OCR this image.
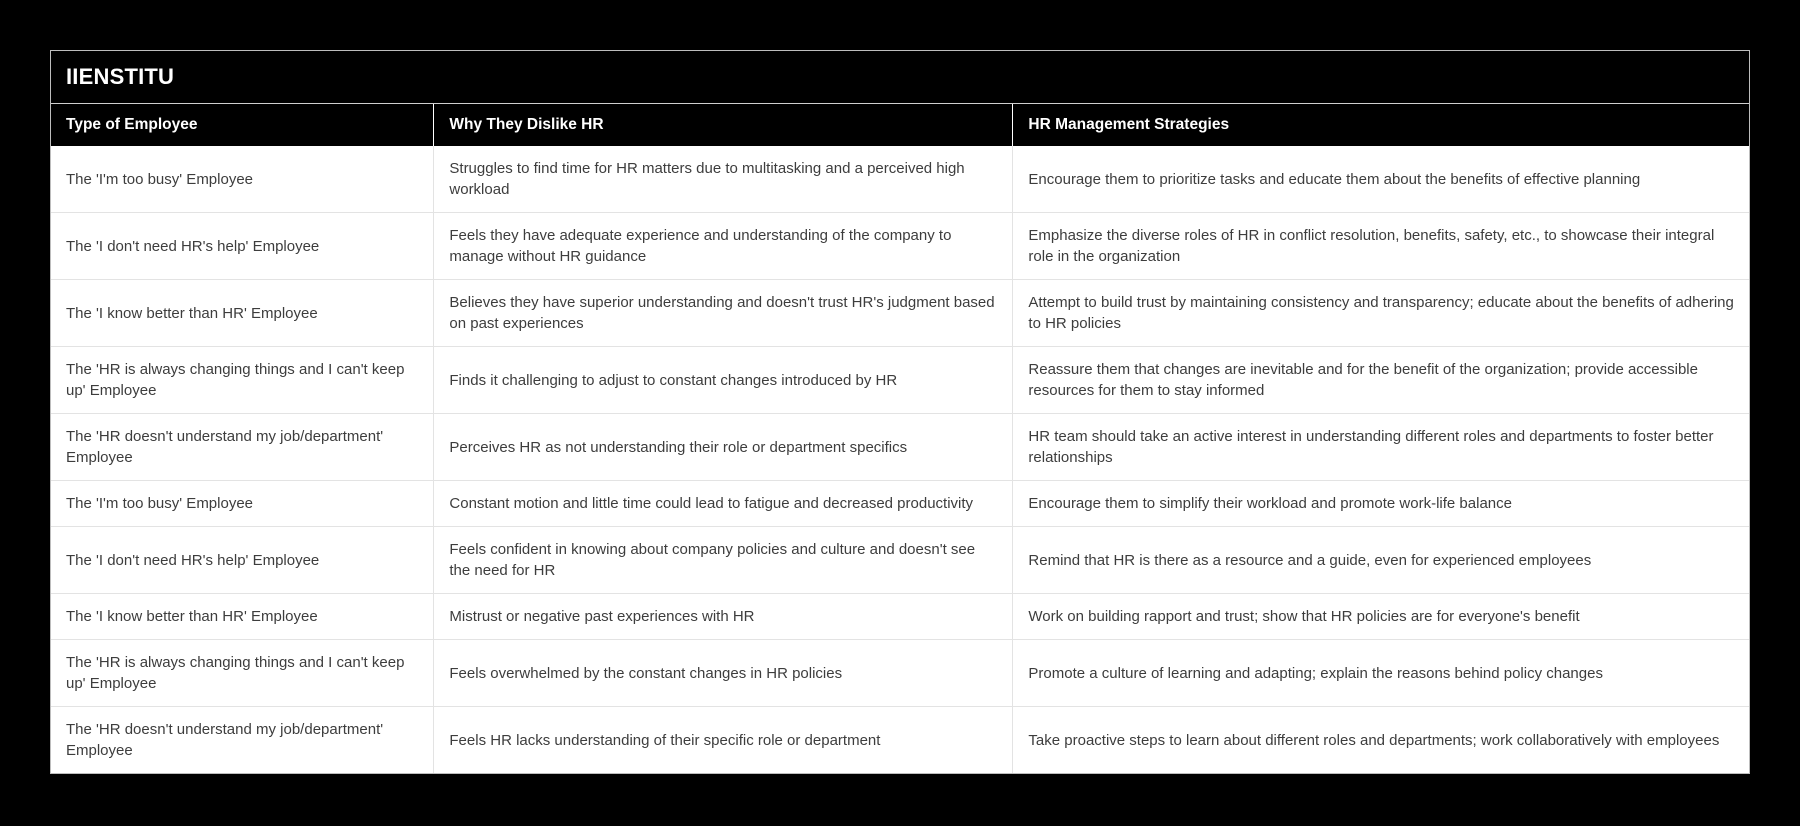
IIENSTITU
Type of Employee	Why They Dislike HR	HR Management Strategies
The 'I'm too busy' Employee	Struggles to find time for HR matters due to multitasking and a perceived high workload	Encourage them to prioritize tasks and educate them about the benefits of effective planning
The 'I don't need HR's help' Employee	Feels they have adequate experience and understanding of the company to manage without HR guidance	Emphasize the diverse roles of HR in conflict resolution, benefits, safety, etc., to showcase their integral role in the organization
The 'I know better than HR' Employee	Believes they have superior understanding and doesn't trust HR's judgment based on past experiences	Attempt to build trust by maintaining consistency and transparency; educate about the benefits of adhering to HR policies
The 'HR is always changing things and I can't keep up' Employee	Finds it challenging to adjust to constant changes introduced by HR	Reassure them that changes are inevitable and for the benefit of the organization; provide accessible resources for them to stay informed
The 'HR doesn't understand my job/department' Employee	Perceives HR as not understanding their role or department specifics	HR team should take an active interest in understanding different roles and departments to foster better relationships
The 'I'm too busy' Employee	Constant motion and little time could lead to fatigue and decreased productivity	Encourage them to simplify their workload and promote work-life balance
The 'I don't need HR's help' Employee	Feels confident in knowing about company policies and culture and doesn't see the need for HR	Remind that HR is there as a resource and a guide, even for experienced employees
The 'I know better than HR' Employee	Mistrust or negative past experiences with HR	Work on building rapport and trust; show that HR policies are for everyone's benefit
The 'HR is always changing things and I can't keep up' Employee	Feels overwhelmed by the constant changes in HR policies	Promote a culture of learning and adapting; explain the reasons behind policy changes
The 'HR doesn't understand my job/department' Employee	Feels HR lacks understanding of their specific role or department	Take proactive steps to learn about different roles and departments; work collaboratively with employees
